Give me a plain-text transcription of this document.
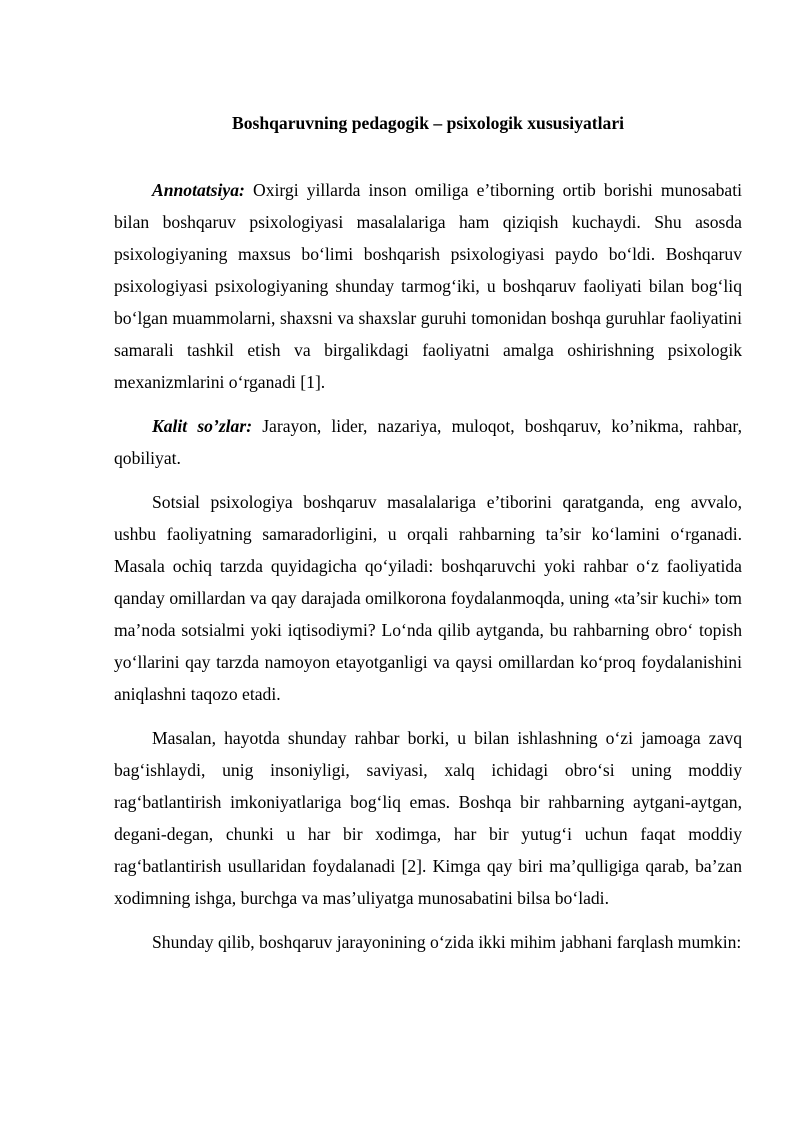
Boshqaruvning pedagogik – psixologik xususiyatlari

Annotatsiya: Oxirgi yillarda inson omiliga e’tiborning ortib borishi munosabati bilan boshqaruv psixologiyasi masalalariga ham qiziqish kuchaydi. Shu asosda psixologiyaning maxsus bo‘limi boshqarish psixologiyasi paydo bo‘ldi. Boshqaruv psixologiyasi psixologiyaning shunday tarmog‘iki, u boshqaruv faoliyati bilan bog‘liq bo‘lgan muammolarni, shaxsni va shaxslar guruhi tomonidan boshqa guruhlar faoliyatini samarali tashkil etish va birgalikdagi faoliyatni amalga oshirishning psixologik mexanizmlarini o‘rganadi [1].

Kalit so’zlar: Jarayon, lider, nazariya, muloqot, boshqaruv, ko’nikma, rahbar, qobiliyat.

Sotsial psixologiya boshqaruv masalalariga e’tiborini qaratganda, eng avvalo, ushbu faoliyatning samaradorligini, u orqali rahbarning ta’sir ko‘lamini o‘rganadi. Masala ochiq tarzda quyidagicha qo‘yiladi: boshqaruvchi yoki rahbar o‘z faoliyatida qanday omillardan va qay darajada omilkorona foydalanmoqda, uning «ta’sir kuchi» tom ma’noda sotsialmi yoki iqtisodiymi? Lo‘nda qilib aytganda, bu rahbarning obro‘ topish yo‘llarini qay tarzda namoyon etayotganligi va qaysi omillardan ko‘proq foydalanishini aniqlashni taqozo etadi.

Masalan, hayotda shunday rahbar borki, u bilan ishlashning o‘zi jamoaga zavq bag‘ishlaydi, unig insoniyligi, saviyasi, xalq ichidagi obro‘si uning moddiy rag‘batlantirish imkoniyatlariga bog‘liq emas. Boshqa bir rahbarning aytgani-aytgan, degani-degan, chunki u har bir xodimga, har bir yutug‘i uchun faqat moddiy rag‘batlantirish usullaridan foydalanadi [2]. Kimga qay biri ma’qulligiga qarab, ba’zan xodimning ishga, burchga va mas’uliyatga munosabatini bilsa bo‘ladi.

Shunday qilib, boshqaruv jarayonining o‘zida ikki mihim jabhani farqlash mumkin:
